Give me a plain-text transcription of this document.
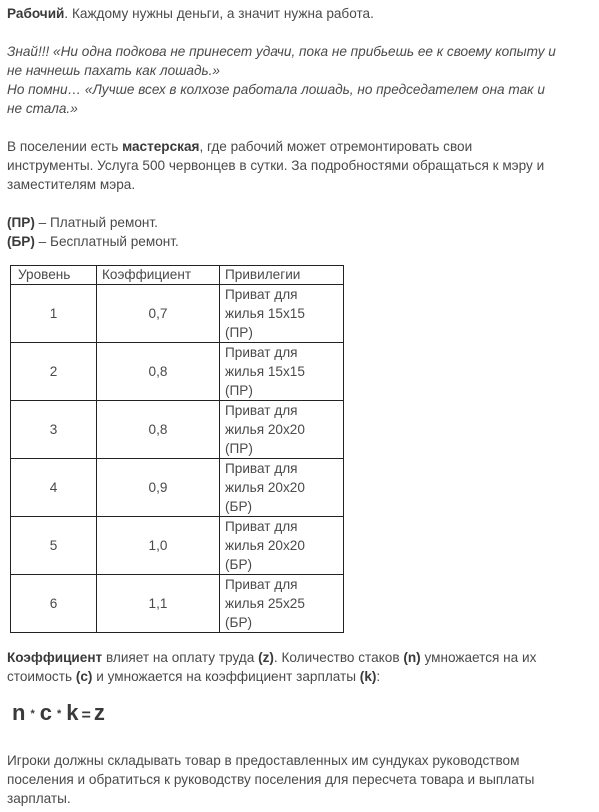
Рабочий. Каждому нужны деньги, а значит нужна работа.

Знай!!! «Ни одна подкова не принесет удачи, пока не прибьешь ее к своему копыту и
не начнешь пахать как лошадь.»
Но помни… «Лучше всех в колхозе работала лошадь, но председателем она так и
не стала.»

В поселении есть мастерская, где рабочий может отремонтировать свои
инструменты. Услуга 500 червонцев в сутки. За подробностями обращаться к мэру и
заместителям мэра.

(ПР) – Платный ремонт.
(БР) – Бесплатный ремонт.

Уровень	Коэффициент	Привилегии
1	0,7	Приват для
жилья 15х15
(ПР)
2	0,8	Приват для
жилья 15х15
(ПР)
3	0,8	Приват для
жилья 20х20
(ПР)
4	0,9	Приват для
жилья 20х20
(БР)
5	1,0	Приват для
жилья 20х20
(БР)
6	1,1	Приват для
жилья 25х25
(БР)

Коэффициент влияет на оплату труда (z). Количество стаков (n) умножается на их
стоимость (c) и умножается на коэффициент зарплаты (k):

n * c * k = z

Игроки должны складывать товар в предоставленных им сундуках руководством
поселения и обратиться к руководству поселения для пересчета товара и выплаты
зарплаты.
